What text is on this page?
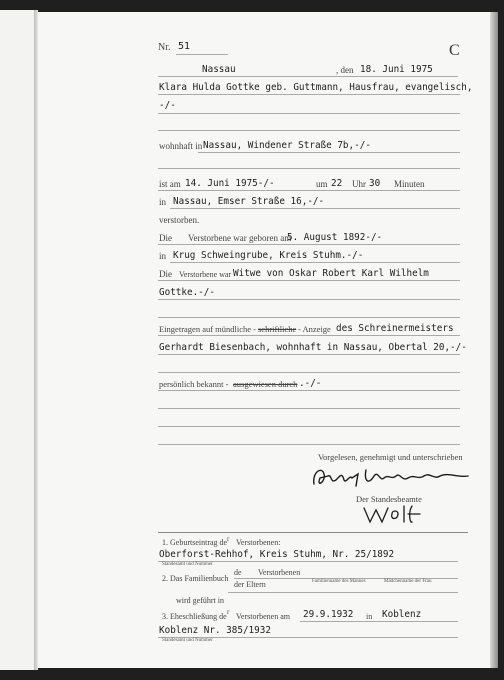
Nr. 51	C
Nassau	, den 18. Juni 1975
Klara Hulda Gottke geb. Guttmann, Hausfrau, evangelisch,
-/-
wohnhaft in Nassau, Windener Straße 7b,-/-
ist am 14. Juni 1975-/-	um 22 Uhr 30 Minuten
in Nassau, Emser Straße 16,-/-
verstorben.
Die Verstorbene war geboren am
5. August 1892-/-
in Krug Schweingrube, Kreis Stuhm.-/-
Die Verstorbene war Witwe von Oskar Robert Karl Wilhelm
Gottke.-/-
Eingetragen auf mündliche - schriftliche - Anzeige des Schreinermeisters
Gerhardt Biesenbach, wohnhaft in Nassau, Obertal 20,-/-
persönlich bekannt - ausgewiesen durch .-/-
Vorgelesen, genehmigt und unterschrieben
Der Standesbeamte
1. Geburtseintrag de r Verstorbenen:
Oberforst-Rehhof, Kreis Stuhm, Nr. 25/1892
Standesamt und Nummer
2. Das Familienbuch
de Verstorbenen
der Eltern	Familienname des Mannes	Mädchenname der Frau
wird geführt in
3. Eheschließung de r Verstorbenen am 29.9.1932 in Koblenz
Koblenz Nr. 385/1932
Standesamt und Nummer
